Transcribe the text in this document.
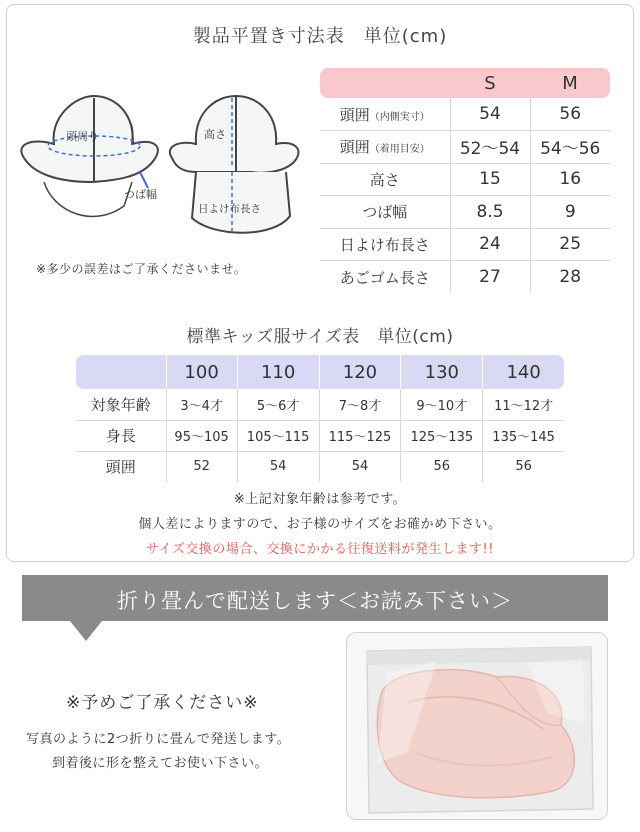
製品平置き寸法表　単位(cm)
頭周り
つば幅
高さ
日よけ布長さ
※多少の誤差はご了承くださいませ。
	S	M
頭囲（内側実寸）	54	56
頭囲（着用目安）	52〜54	54〜56
高さ	15	16
つば幅	8.5	9
日よけ布長さ	24	25
あごゴム長さ	27	28
標準キッズ服サイズ表　単位(cm)
	100	110	120	130	140
対象年齢	3〜4才	5〜6才	7〜8才	9〜10才	11〜12才
身長	95〜105	105〜115	115〜125	125〜135	135〜145
頭囲	52	54	54	56	56
※上記対象年齢は参考です。
個人差によりますので、お子様のサイズをお確かめ下さい。
サイズ交換の場合、交換にかかる往復送料が発生します!!
折り畳んで配送します＜お読み下さい＞
※予めご了承ください※
写真のように2つ折りに畳んで発送します。
到着後に形を整えてお使い下さい。
